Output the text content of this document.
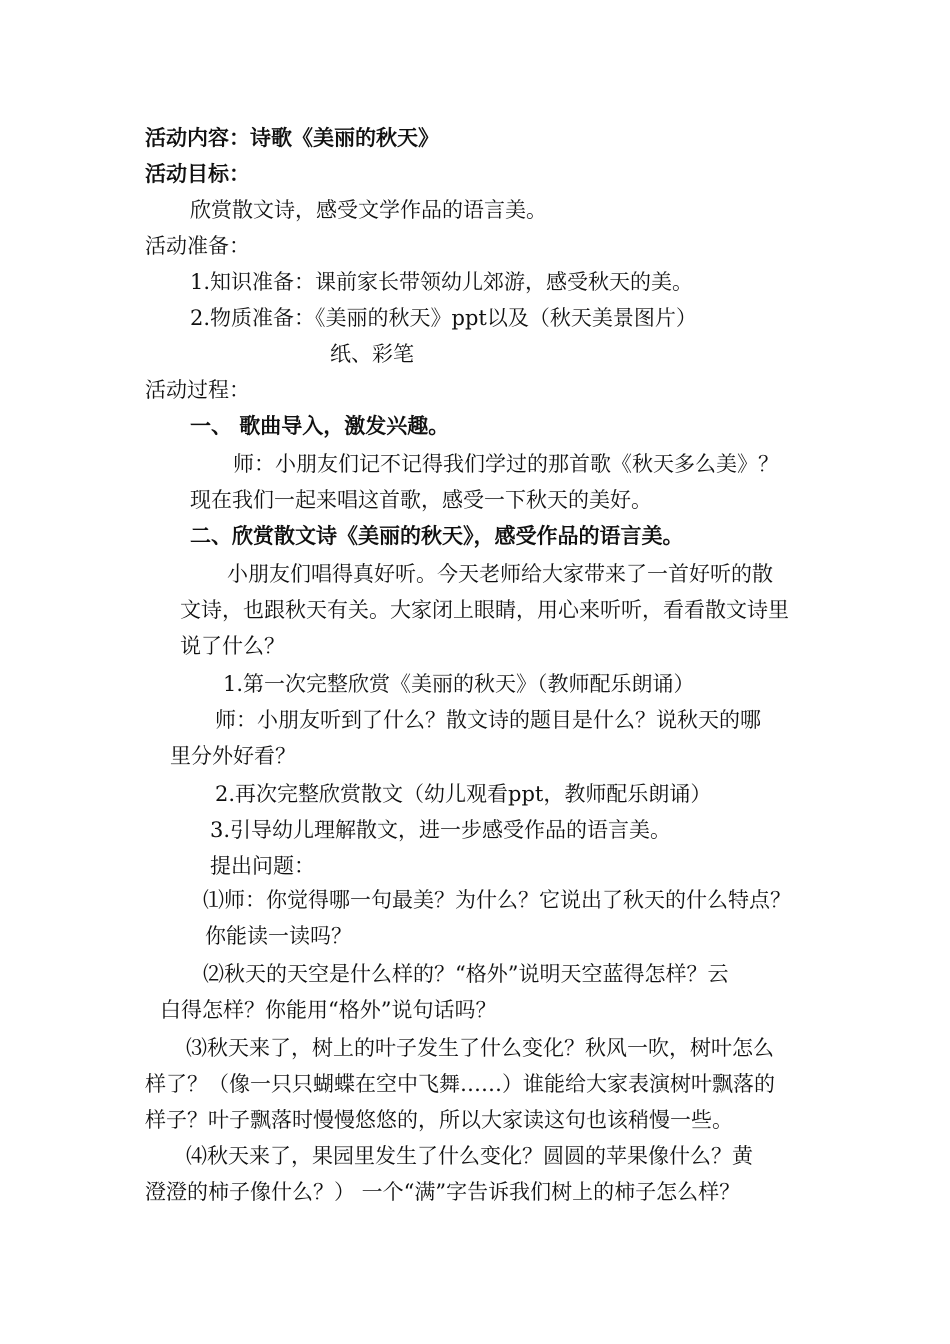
活动内容：诗歌《美丽的秋天》
活动目标：
欣赏散文诗，感受文学作品的语言美。
活动准备：
1.知识准备：课前家长带领幼儿郊游，感受秋天的美。
2.物质准备：《美丽的秋天》ppt以及（秋天美景图片）
纸、彩笔
活动过程：
一、 歌曲导入，激发兴趣。
师：小朋友们记不记得我们学过的那首歌《秋天多么美》？
现在我们一起来唱这首歌，感受一下秋天的美好。
二、欣赏散文诗《美丽的秋天》，感受作品的语言美。
小朋友们唱得真好听。今天老师给大家带来了一首好听的散
文诗，也跟秋天有关。大家闭上眼睛，用心来听听，看看散文诗里
说了什么？
1.第一次完整欣赏《美丽的秋天》（教师配乐朗诵）
师：小朋友听到了什么？散文诗的题目是什么？说秋天的哪
里分外好看？
2.再次完整欣赏散文（幼儿观看ppt，教师配乐朗诵）
3.引导幼儿理解散文，进一步感受作品的语言美。
提出问题：
⑴师：你觉得哪一句最美？为什么？它说出了秋天的什么特点？
你能读一读吗？
⑵秋天的天空是什么样的？“格外”说明天空蓝得怎样？云
白得怎样？你能用“格外”说句话吗？
⑶秋天来了，树上的叶子发生了什么变化？秋风一吹，树叶怎么
样了？（像一只只蝴蝶在空中飞舞……）谁能给大家表演树叶飘落的
样子？叶子飘落时慢慢悠悠的，所以大家读这句也该稍慢一些。
⑷秋天来了，果园里发生了什么变化？圆圆的苹果像什么？黄
澄澄的柿子像什么？） 一个“满”字告诉我们树上的柿子怎么样？
